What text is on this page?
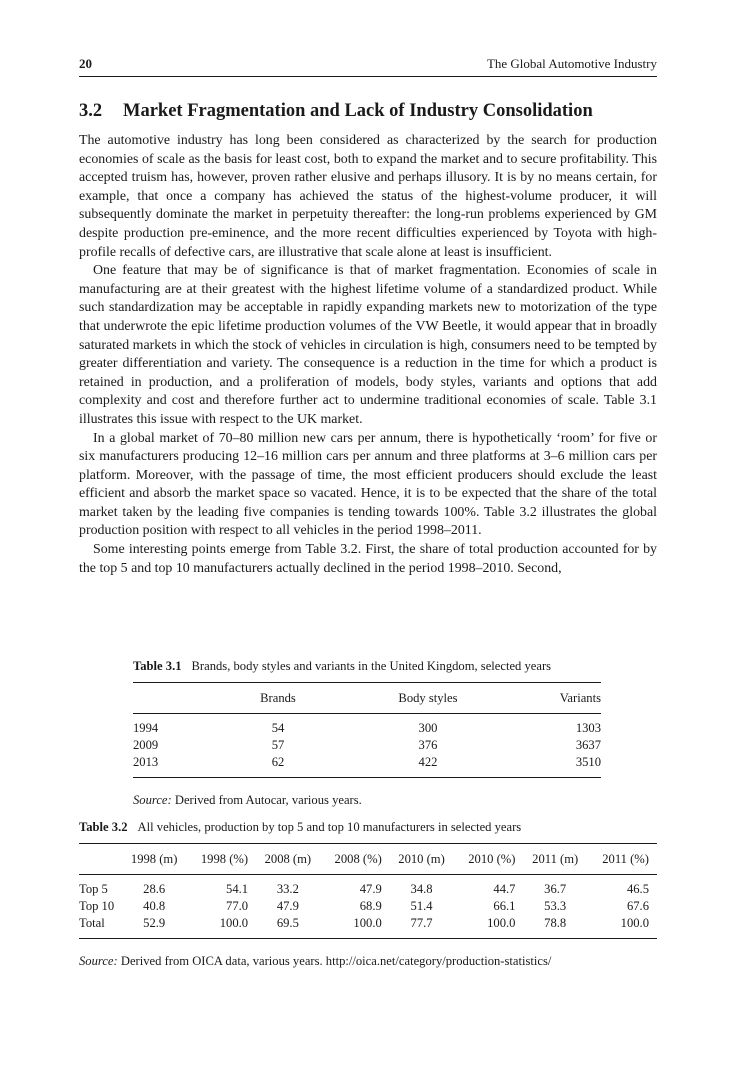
20	The Global Automotive Industry
3.2 Market Fragmentation and Lack of Industry Consolidation

The automotive industry has long been considered as characterized by the search for production economies of scale as the basis for least cost, both to expand the market and to secure profitability. This accepted truism has, however, proven rather elusive and perhaps illusory. It is by no means certain, for example, that once a company has achieved the status of the highest-volume producer, it will subsequently dominate the market in perpetuity thereafter: the long-run problems experienced by GM despite production pre-eminence, and the more recent difficulties experienced by Toyota with high-profile recalls of defective cars, are illustrative that scale alone at least is insufficient.

One feature that may be of significance is that of market fragmentation. Economies of scale in manufacturing are at their greatest with the highest lifetime volume of a standardized product. While such standardization may be acceptable in rapidly expanding markets new to motorization of the type that underwrote the epic lifetime production volumes of the VW Beetle, it would appear that in broadly saturated markets in which the stock of vehicles in circulation is high, consumers need to be tempted by greater differentiation and variety. The consequence is a reduction in the time for which a product is retained in production, and a proliferation of models, body styles, variants and options that add complexity and cost and therefore further act to undermine traditional economies of scale. Table 3.1 illustrates this issue with respect to the UK market.

In a global market of 70–80 million new cars per annum, there is hypothetically ‘room’ for five or six manufacturers producing 12–16 million cars per annum and three platforms at 3–6 million cars per platform. Moreover, with the passage of time, the most efficient producers should exclude the least efficient and absorb the market space so vacated. Hence, it is to be expected that the share of the total market taken by the leading five companies is tending towards 100%. Table 3.2 illustrates the global production position with respect to all vehicles in the period 1998–2011.

Some interesting points emerge from Table 3.2. First, the share of total production accounted for by the top 5 and top 10 manufacturers actually declined in the period 1998–2010. Second,

Table 3.1 Brands, body styles and variants in the United Kingdom, selected years
	Brands	Body styles	Variants
1994	54	300	1303
2009	57	376	3637
2013	62	422	3510
Source: Derived from Autocar, various years.
Table 3.2 All vehicles, production by top 5 and top 10 manufacturers in selected years
	1998 (m)	1998 (%)	2008 (m)	2008 (%)	2010 (m)	2010 (%)	2011 (m)	2011 (%)
Top 5	28.6	54.1	33.2	47.9	34.8	44.7	36.7	46.5
Top 10	40.8	77.0	47.9	68.9	51.4	66.1	53.3	67.6
Total	52.9	100.0	69.5	100.0	77.7	100.0	78.8	100.0
Source: Derived from OICA data, various years. http://oica.net/category/production-statistics/
